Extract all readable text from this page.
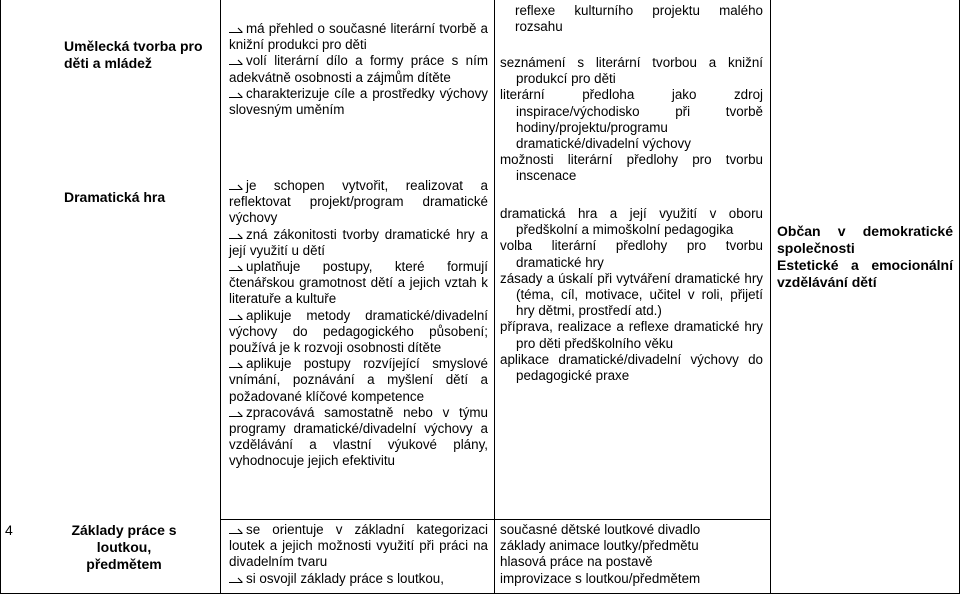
4
Umělecká tvorba pro děti a mládež
Dramatická hra
Základy práce s loutkou, předmětem
má přehled o současné literární tvorbě a knižní produkci pro děti
volí literární dílo a formy práce s ním adekvátně osobnosti a zájmům dítěte
charakterizuje cíle a prostředky výchovy slovesným uměním
je schopen vytvořit, realizovat a reflektovat projekt/program dramatické výchovy
zná zákonitosti tvorby dramatické hry a její využití u dětí
uplatňuje postupy, které formují čtenářskou gramotnost dětí a jejich vztah k literatuře a kultuře
aplikuje metody dramatické/divadelní výchovy do pedagogického působení; používá je k rozvoji osobnosti dítěte
aplikuje postupy rozvíjející smyslové vnímání, poznávání a myšlení dětí a požadované klíčové kompetence
zpracovává samostatně nebo v týmu programy dramatické/divadelní výchovy a vzdělávání a vlastní výukové plány, vyhodnocuje jejich efektivitu
se orientuje v základní kategorizaci loutek a jejich možnosti využití při práci na divadelním tvaru
si osvojil základy práce s loutkou,
reflexe kulturního projektu malého rozsahu
seznámení s literární tvorbou a knižní produkcí pro děti
literární předloha jako zdroj inspirace/východisko při tvorbě hodiny/projektu/programu dramatické/divadelní výchovy
možnosti literární předlohy pro tvorbu inscenace
dramatická hra a její využití v oboru předškolní a mimoškolní pedagogika
volba literární předlohy pro tvorbu dramatické hry
zásady a úskalí při vytváření dramatické hry (téma, cíl, motivace, učitel v roli, přijetí hry dětmi, prostředí atd.)
příprava, realizace a reflexe dramatické hry pro děti předškolního věku
aplikace dramatické/divadelní výchovy do pedagogické praxe
současné dětské loutkové divadlo
základy animace loutky/předmětu
hlasová práce na postavě
improvizace s loutkou/předmětem
Občan v demokratické společnosti
Estetické a emocionální vzdělávání dětí
